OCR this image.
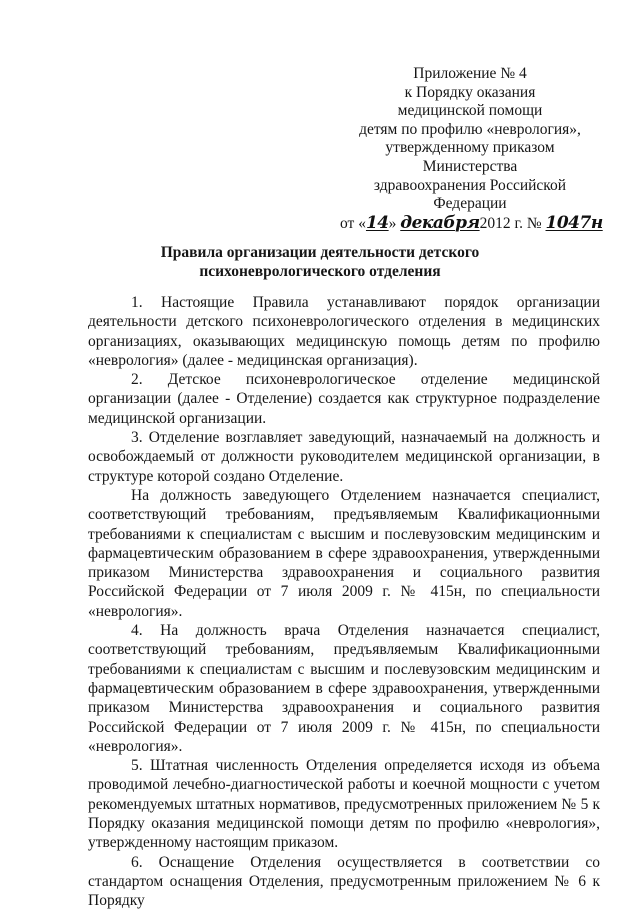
Приложение № 4
к Порядку оказания
медицинской помощи
детям по профилю «неврология»,
утвержденному приказом
Министерства
здравоохранения Российской
Федерации
от «14» декабря2012 г. № 1047н
Правила организации деятельности детского
психоневрологического отделения

1. Настоящие Правила устанавливают порядок организации деятельности детского психоневрологического отделения в медицинских организациях, оказывающих медицинскую помощь детям по профилю «неврология» (далее - медицинская организация).

2. Детское психоневрологическое отделение медицинской организации (далее - Отделение) создается как структурное подразделение медицинской организации.

3. Отделение возглавляет заведующий, назначаемый на должность и освобождаемый от должности руководителем медицинской организации, в структуре которой создано Отделение.

На должность заведующего Отделением назначается специалист, соответствующий требованиям, предъявляемым Квалификационными требованиями к специалистам с высшим и послевузовским медицинским и фармацевтическим образованием в сфере здравоохранения, утвержденными приказом Министерства здравоохранения и социального развития Российской Федерации от 7 июля 2009 г. № 415н, по специальности «неврология».

4. На должность врача Отделения назначается специалист, соответствующий требованиям, предъявляемым Квалификационными требованиями к специалистам с высшим и послевузовским медицинским и фармацевтическим образованием в сфере здравоохранения, утвержденными приказом Министерства здравоохранения и социального развития Российской Федерации от 7 июля 2009 г. № 415н, по специальности «неврология».

5. Штатная численность Отделения определяется исходя из объема проводимой лечебно-диагностической работы и коечной мощности с учетом рекомендуемых штатных нормативов, предусмотренных приложением № 5 к Порядку оказания медицинской помощи детям по профилю «неврология», утвержденному настоящим приказом.

6. Оснащение Отделения осуществляется в соответствии со стандартом оснащения Отделения, предусмотренным приложением № 6 к Порядку
